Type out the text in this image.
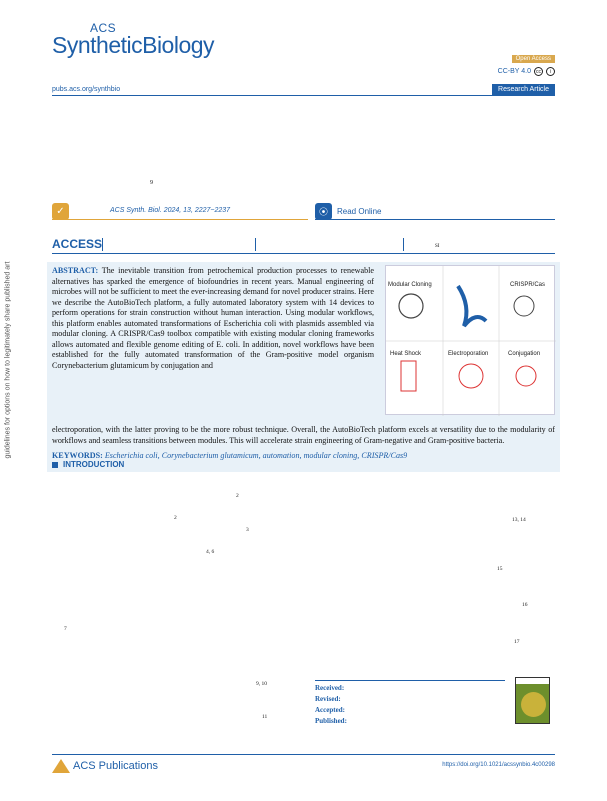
ACS
SyntheticBiology
Open Access
CC-BY 4.0	cc	i
pubs.acs.org/synthbio	Research Article
9
✓	ACS Synth. Biol. 2024, 13, 2227−2237	⦿	Read Online
ACCESS	SI
guidelines for options on how to legitimately share published art	ABSTRACT: The inevitable transition from petrochemical production processes to renewable alternatives has sparked the emergence of biofoundries in recent years. Manual engineering of microbes will not be sufficient to meet the ever-increasing demand for novel producer strains. Here we describe the AutoBioTech platform, a fully automated laboratory system with 14 devices to perform operations for strain construction without human interaction. Using modular workflows, this platform enables automated transformations of Escherichia coli with plasmids assembled via modular cloning. A CRISPR/Cas9 toolbox compatible with existing modular cloning frameworks allows automated and flexible genome editing of E. coli. In addition, novel workflows have been established for the fully automated transformation of the Gram-positive model organism Corynebacterium glutamicum by conjugation and
Modular Cloning	CRISPR/Cas
Heat Shock	Electroporation	Conjugation
electroporation, with the latter proving to be the more robust technique. Overall, the AutoBioTech platform excels at versatility due to the modularity of workflows and seamless transitions between modules. This will accelerate strain engineering of Gram-negative and Gram-positive bacteria.
KEYWORDS: Escherichia coli, Corynebacterium glutamicum, automation, modular cloning, CRISPR/Cas9
INTRODUCTION
2
2
3
4, 6
7
13, 14
15
16
17
9, 10
11
Received:
Revised:
Accepted:
Published:
ACS Publications	https://doi.org/10.1021/acssynbio.4c00298
